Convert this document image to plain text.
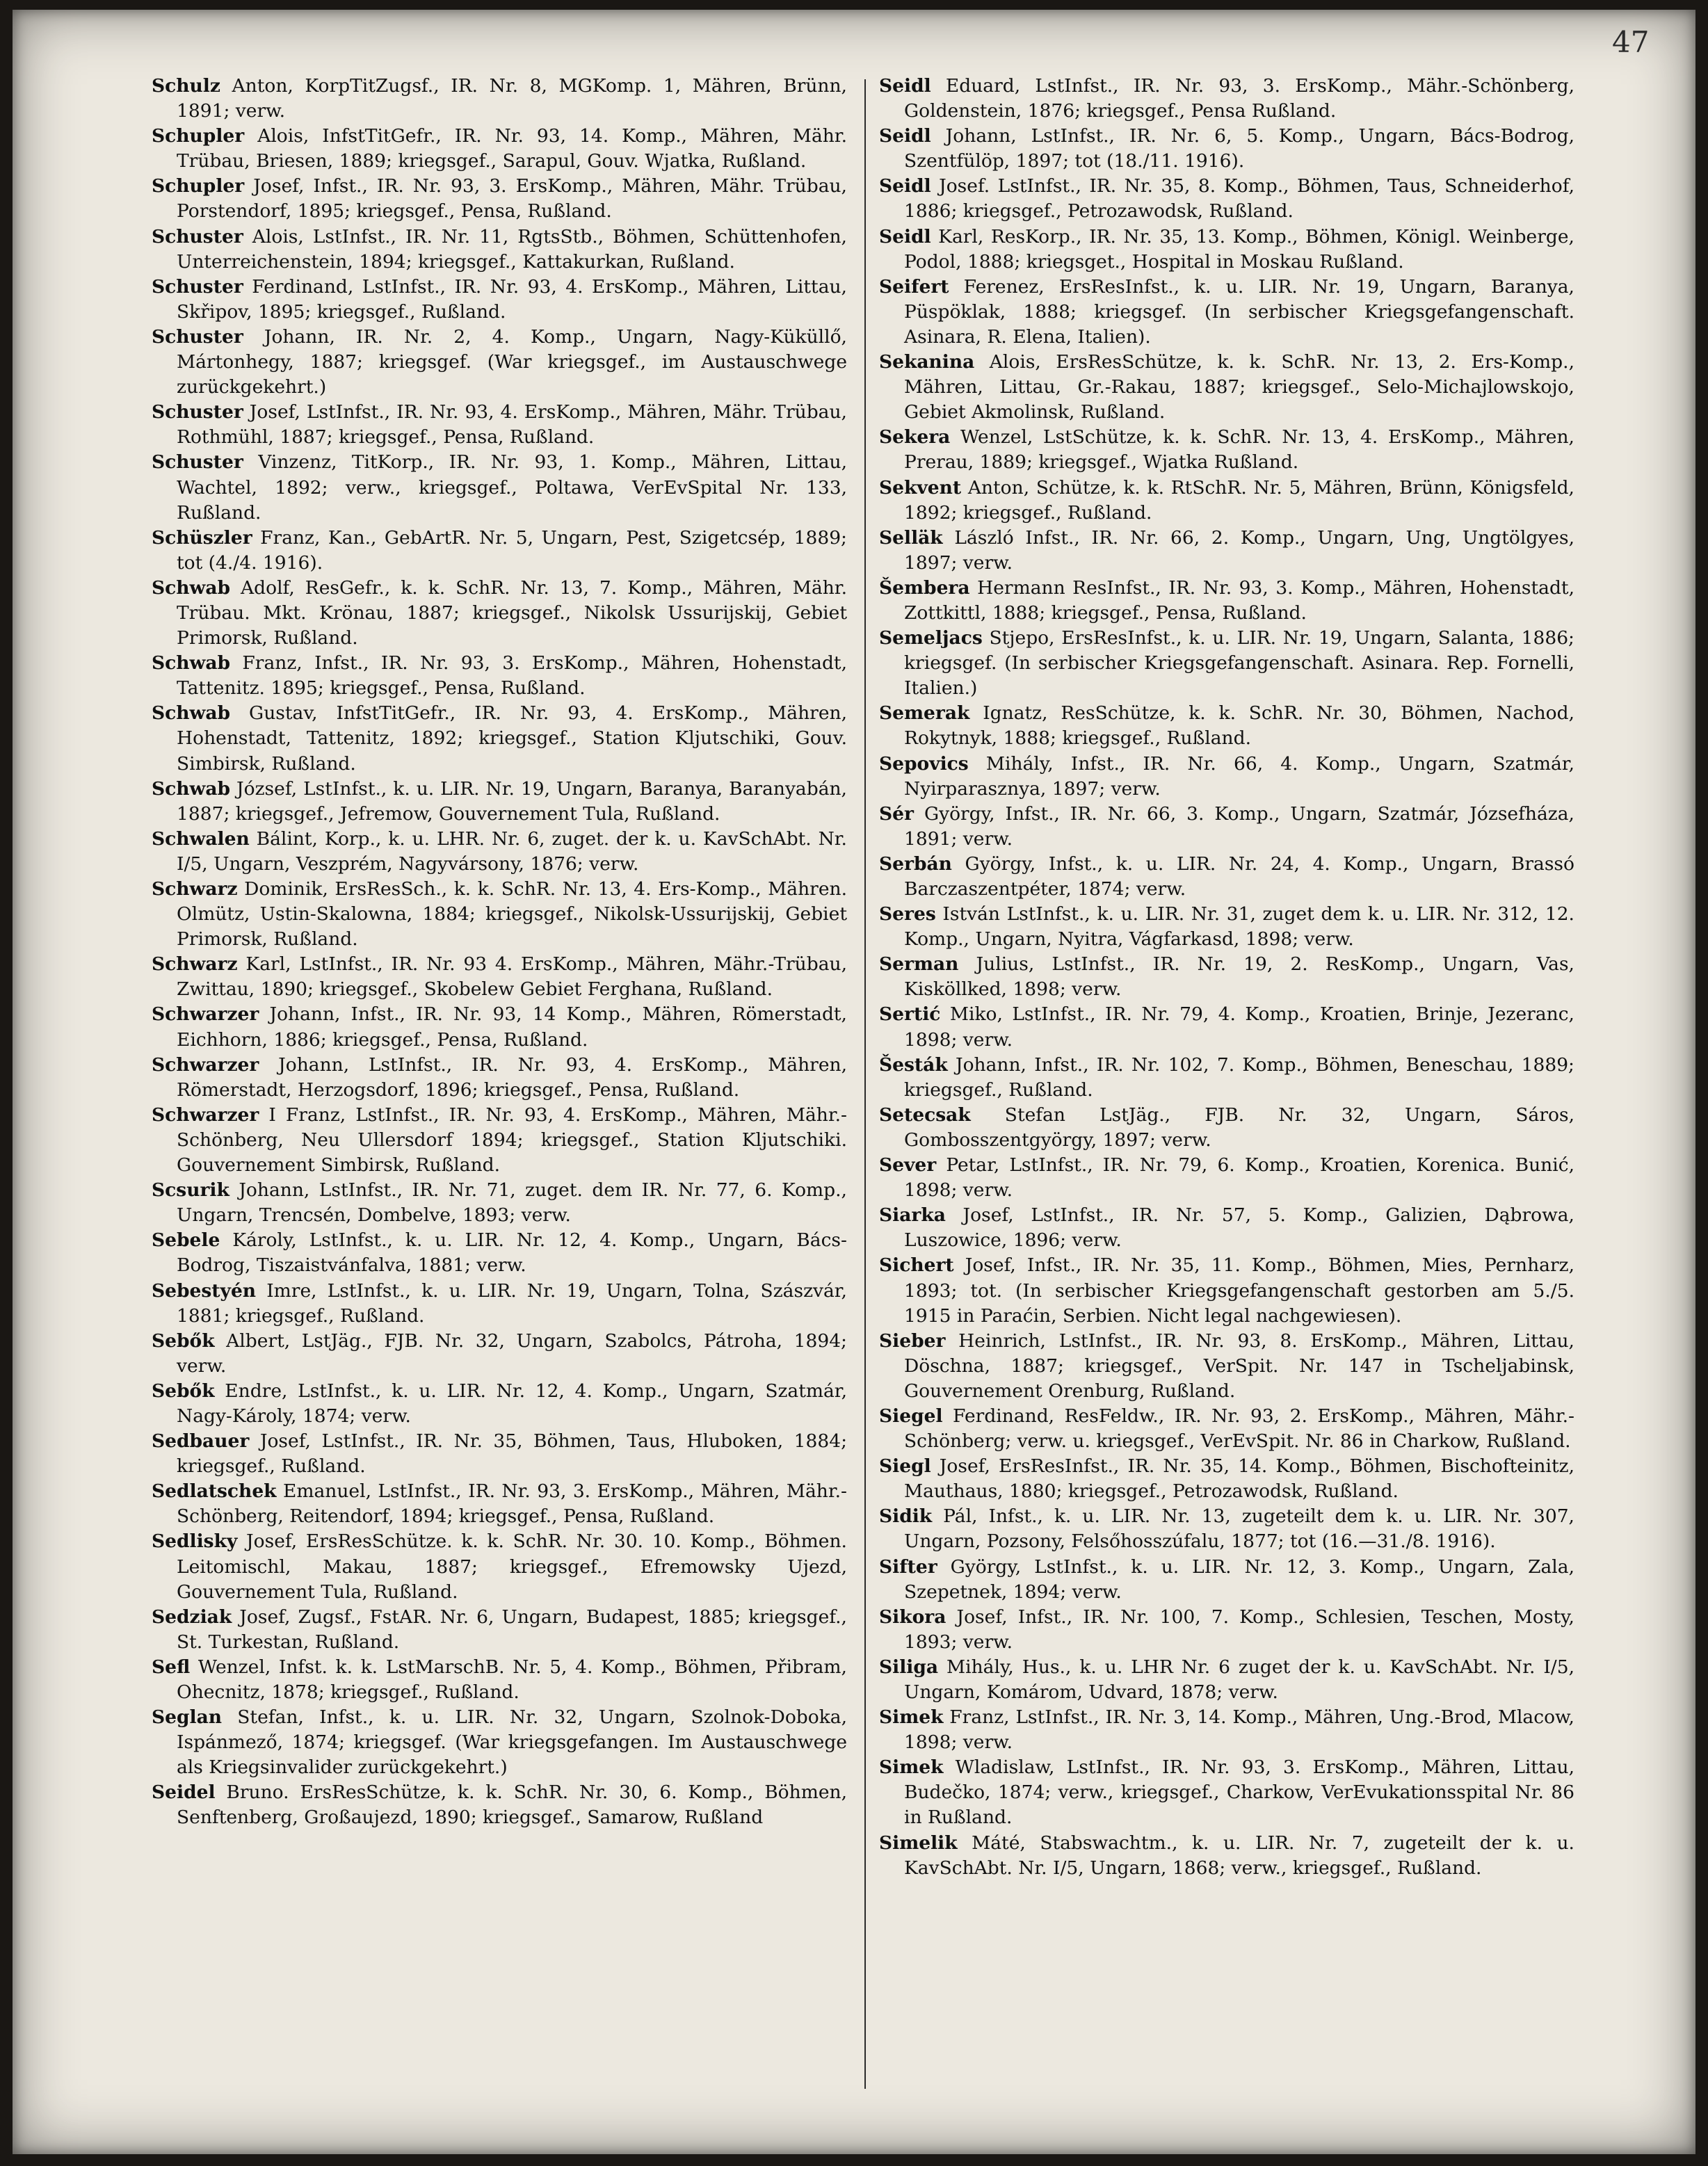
47

Schulz Anton, KorpTitZugsf., IR. Nr. 8, MGKomp. 1, Mähren, Brünn, 1891; verw.

Schupler Alois, InfstTitGefr., IR. Nr. 93, 14. Komp., Mähren, Mähr. Trübau, Briesen, 1889; kriegsgef., Sarapul, Gouv. Wjatka, Rußland.

Schupler Josef, Infst., IR. Nr. 93, 3. ErsKomp., Mähren, Mähr. Trübau, Porstendorf, 1895; kriegsgef., Pensa, Rußland.

Schuster Alois, LstInfst., IR. Nr. 11, RgtsStb., Böhmen, Schüttenhofen, Unterreichenstein, 1894; kriegsgef., Kattakurkan, Rußland.

Schuster Ferdinand, LstInfst., IR. Nr. 93, 4. ErsKomp., Mähren, Littau, Skřipov, 1895; kriegsgef., Rußland.

Schuster Johann, IR. Nr. 2, 4. Komp., Ungarn, Nagy-Küküllő, Mártonhegy, 1887; kriegsgef. (War kriegsgef., im Austauschwege zurückgekehrt.)

Schuster Josef, LstInfst., IR. Nr. 93, 4. ErsKomp., Mähren, Mähr. Trübau, Rothmühl, 1887; kriegsgef., Pensa, Rußland.

Schuster Vinzenz, TitKorp., IR. Nr. 93, 1. Komp., Mähren, Littau, Wachtel, 1892; verw., kriegsgef., Poltawa, VerEvSpital Nr. 133, Rußland.

Schüszler Franz, Kan., GebArtR. Nr. 5, Ungarn, Pest, Szigetcsép, 1889; tot (4./4. 1916).

Schwab Adolf, ResGefr., k. k. SchR. Nr. 13, 7. Komp., Mähren, Mähr. Trübau. Mkt. Krönau, 1887; kriegsgef., Nikolsk Ussurijskij, Gebiet Primorsk, Rußland.

Schwab Franz, Infst., IR. Nr. 93, 3. ErsKomp., Mähren, Hohenstadt, Tattenitz. 1895; kriegsgef., Pensa, Rußland.

Schwab Gustav, InfstTitGefr., IR. Nr. 93, 4. ErsKomp., Mähren, Hohenstadt, Tattenitz, 1892; kriegsgef., Station Kljutschiki, Gouv. Simbirsk, Rußland.

Schwab József, LstInfst., k. u. LIR. Nr. 19, Ungarn, Baranya, Baranyabán, 1887; kriegsgef., Jefremow, Gouvernement Tula, Rußland.

Schwalen Bálint, Korp., k. u. LHR. Nr. 6, zuget. der k. u. KavSchAbt. Nr. I/5, Ungarn, Veszprém, Nagyvársony, 1876; verw.

Schwarz Dominik, ErsResSch., k. k. SchR. Nr. 13, 4. Ers-Komp., Mähren. Olmütz, Ustin-Skalowna, 1884; kriegsgef., Nikolsk-Ussurijskij, Gebiet Primorsk, Rußland.

Schwarz Karl, LstInfst., IR. Nr. 93 4. ErsKomp., Mähren, Mähr.-Trübau, Zwittau, 1890; kriegsgef., Skobelew Gebiet Ferghana, Rußland.

Schwarzer Johann, Infst., IR. Nr. 93, 14 Komp., Mähren, Römerstadt, Eichhorn, 1886; kriegsgef., Pensa, Rußland.

Schwarzer Johann, LstInfst., IR. Nr. 93, 4. ErsKomp., Mähren, Römerstadt, Herzogsdorf, 1896; kriegsgef., Pensa, Rußland.

Schwarzer I Franz, LstInfst., IR. Nr. 93, 4. ErsKomp., Mähren, Mähr.-Schönberg, Neu Ullersdorf 1894; kriegsgef., Station Kljutschiki. Gouvernement Simbirsk, Rußland.

Scsurik Johann, LstInfst., IR. Nr. 71, zuget. dem IR. Nr. 77, 6. Komp., Ungarn, Trencsén, Dombelve, 1893; verw.

Sebele Károly, LstInfst., k. u. LIR. Nr. 12, 4. Komp., Ungarn, Bács-Bodrog, Tiszaistvánfalva, 1881; verw.

Sebestyén Imre, LstInfst., k. u. LIR. Nr. 19, Ungarn, Tolna, Szászvár, 1881; kriegsgef., Rußland.

Sebők Albert, LstJäg., FJB. Nr. 32, Ungarn, Szabolcs, Pátroha, 1894; verw.

Sebők Endre, LstInfst., k. u. LIR. Nr. 12, 4. Komp., Ungarn, Szatmár, Nagy-Károly, 1874; verw.

Sedbauer Josef, LstInfst., IR. Nr. 35, Böhmen, Taus, Hluboken, 1884; kriegsgef., Rußland.

Sedlatschek Emanuel, LstInfst., IR. Nr. 93, 3. ErsKomp., Mähren, Mähr.-Schönberg, Reitendorf, 1894; kriegsgef., Pensa, Rußland.

Sedlisky Josef, ErsResSchütze. k. k. SchR. Nr. 30. 10. Komp., Böhmen. Leitomischl, Makau, 1887; kriegsgef., Efremowsky Ujezd, Gouvernement Tula, Rußland.

Sedziak Josef, Zugsf., FstAR. Nr. 6, Ungarn, Budapest, 1885; kriegsgef., St. Turkestan, Rußland.

Sefl Wenzel, Infst. k. k. LstMarschB. Nr. 5, 4. Komp., Böhmen, Přibram, Ohecnitz, 1878; kriegsgef., Rußland.

Seglan Stefan, Infst., k. u. LIR. Nr. 32, Ungarn, Szolnok-Doboka, Ispánmező, 1874; kriegsgef. (War kriegsgefangen. Im Austauschwege als Kriegsinvalider zurückgekehrt.)

Seidel Bruno. ErsResSchütze, k. k. SchR. Nr. 30, 6. Komp., Böhmen, Senftenberg, Großaujezd, 1890; kriegsgef., Samarow, Rußland

Seidl Eduard, LstInfst., IR. Nr. 93, 3. ErsKomp., Mähr.-Schönberg, Goldenstein, 1876; kriegsgef., Pensa Rußland.

Seidl Johann, LstInfst., IR. Nr. 6, 5. Komp., Ungarn, Bács-Bodrog, Szentfülöp, 1897; tot (18./11. 1916).

Seidl Josef. LstInfst., IR. Nr. 35, 8. Komp., Böhmen, Taus, Schneiderhof, 1886; kriegsgef., Petrozawodsk, Rußland.

Seidl Karl, ResKorp., IR. Nr. 35, 13. Komp., Böhmen, Königl. Weinberge, Podol, 1888; kriegsget., Hospital in Moskau Rußland.

Seifert Ferenez, ErsResInfst., k. u. LIR. Nr. 19, Ungarn, Baranya, Püspöklak, 1888; kriegsgef. (In serbischer Kriegsgefangenschaft. Asinara, R. Elena, Italien).

Sekanina Alois, ErsResSchütze, k. k. SchR. Nr. 13, 2. Ers-Komp., Mähren, Littau, Gr.-Rakau, 1887; kriegsgef., Selo-Michajlowskojo, Gebiet Akmolinsk, Rußland.

Sekera Wenzel, LstSchütze, k. k. SchR. Nr. 13, 4. ErsKomp., Mähren, Prerau, 1889; kriegsgef., Wjatka Rußland.

Sekvent Anton, Schütze, k. k. RtSchR. Nr. 5, Mähren, Brünn, Königsfeld, 1892; kriegsgef., Rußland.

Selläk László Infst., IR. Nr. 66, 2. Komp., Ungarn, Ung, Ungtölgyes, 1897; verw.

Šembera Hermann ResInfst., IR. Nr. 93, 3. Komp., Mähren, Hohenstadt, Zottkittl, 1888; kriegsgef., Pensa, Rußland.

Semeljacs Stjepo, ErsResInfst., k. u. LIR. Nr. 19, Ungarn, Salanta, 1886; kriegsgef. (In serbischer Kriegsgefangenschaft. Asinara. Rep. Fornelli, Italien.)

Semerak Ignatz, ResSchütze, k. k. SchR. Nr. 30, Böhmen, Nachod, Rokytnyk, 1888; kriegsgef., Rußland.

Sepovics Mihály, Infst., IR. Nr. 66, 4. Komp., Ungarn, Szatmár, Nyirparasznya, 1897; verw.

Sér György, Infst., IR. Nr. 66, 3. Komp., Ungarn, Szatmár, Józsefháza, 1891; verw.

Serbán György, Infst., k. u. LIR. Nr. 24, 4. Komp., Ungarn, Brassó Barczaszentpéter, 1874; verw.

Seres István LstInfst., k. u. LIR. Nr. 31, zuget dem k. u. LIR. Nr. 312, 12. Komp., Ungarn, Nyitra, Vágfarkasd, 1898; verw.

Serman Julius, LstInfst., IR. Nr. 19, 2. ResKomp., Ungarn, Vas, Kisköllked, 1898; verw.

Sertić Miko, LstInfst., IR. Nr. 79, 4. Komp., Kroatien, Brinje, Jezeranc, 1898; verw.

Šesták Johann, Infst., IR. Nr. 102, 7. Komp., Böhmen, Beneschau, 1889; kriegsgef., Rußland.

Setecsak Stefan LstJäg., FJB. Nr. 32, Ungarn, Sáros, Gombosszentgyörgy, 1897; verw.

Sever Petar, LstInfst., IR. Nr. 79, 6. Komp., Kroatien, Korenica. Bunić, 1898; verw.

Siarka Josef, LstInfst., IR. Nr. 57, 5. Komp., Galizien, Dąbrowa, Luszowice, 1896; verw.

Sichert Josef, Infst., IR. Nr. 35, 11. Komp., Böhmen, Mies, Pernharz, 1893; tot. (In serbischer Kriegsgefangenschaft gestorben am 5./5. 1915 in Paraćin, Serbien. Nicht legal nachgewiesen).

Sieber Heinrich, LstInfst., IR. Nr. 93, 8. ErsKomp., Mähren, Littau, Döschna, 1887; kriegsgef., VerSpit. Nr. 147 in Tscheljabinsk, Gouvernement Orenburg, Rußland.

Siegel Ferdinand, ResFeldw., IR. Nr. 93, 2. ErsKomp., Mähren, Mähr.-Schönberg; verw. u. kriegsgef., VerEvSpit. Nr. 86 in Charkow, Rußland.

Siegl Josef, ErsResInfst., IR. Nr. 35, 14. Komp., Böhmen, Bischofteinitz, Mauthaus, 1880; kriegsgef., Petrozawodsk, Rußland.

Sidik Pál, Infst., k. u. LIR. Nr. 13, zugeteilt dem k. u. LIR. Nr. 307, Ungarn, Pozsony, Felsőhosszúfalu, 1877; tot (16.—31./8. 1916).

Sifter György, LstInfst., k. u. LIR. Nr. 12, 3. Komp., Ungarn, Zala, Szepetnek, 1894; verw.

Sikora Josef, Infst., IR. Nr. 100, 7. Komp., Schlesien, Teschen, Mosty, 1893; verw.

Siliga Mihály, Hus., k. u. LHR Nr. 6 zuget der k. u. KavSchAbt. Nr. I/5, Ungarn, Komárom, Udvard, 1878; verw.

Simek Franz, LstInfst., IR. Nr. 3, 14. Komp., Mähren, Ung.-Brod, Mlacow, 1898; verw.

Simek Wladislaw, LstInfst., IR. Nr. 93, 3. ErsKomp., Mähren, Littau, Budečko, 1874; verw., kriegsgef., Charkow, VerEvukationsspital Nr. 86 in Rußland.

Simelik Máté, Stabswachtm., k. u. LIR. Nr. 7, zugeteilt der k. u. KavSchAbt. Nr. I/5, Ungarn, 1868; verw., kriegsgef., Rußland.
